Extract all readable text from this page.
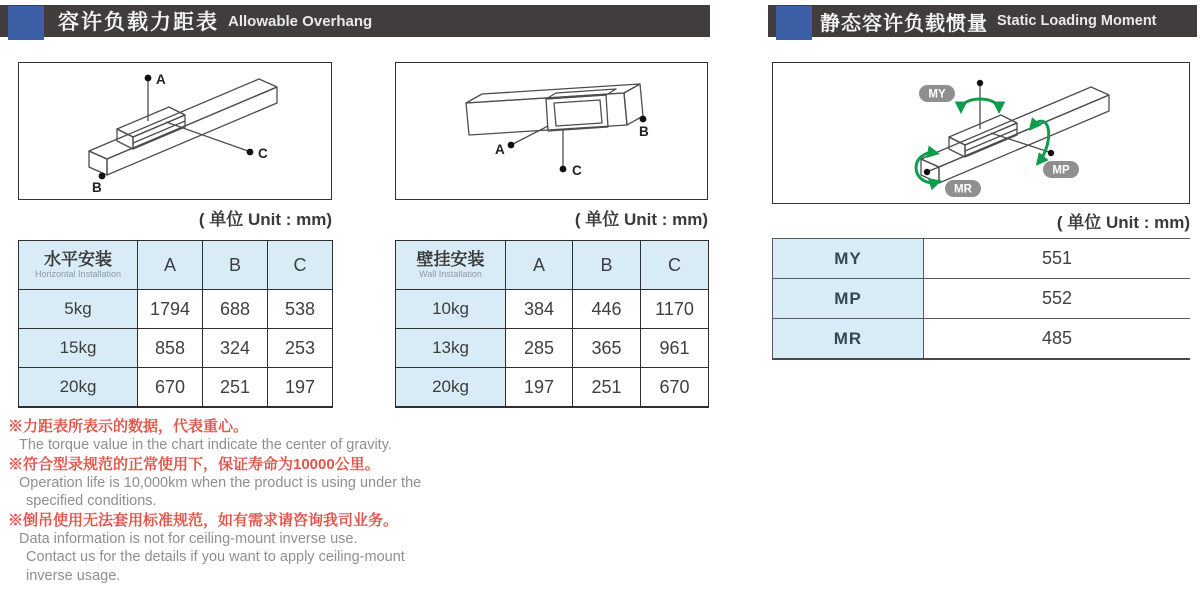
容许负载力距表 Allowable Overhang	静态容许负载惯量 Static Loading Moment
A
C
B
A
B
C
MY
MP
MR
( 单位 Unit : mm)	( 单位 Unit : mm)	( 单位 Unit : mm)
水平安装
Horizontal Installation	A	B	C
5kg	1794	688	538
15kg	858	324	253
20kg	670	251	197
壁挂安装
Wall Installation	A	B	C
10kg	384	446	1170
13kg	285	365	961
20kg	197	251	670
MY	551
MP	552
MR	485
※力距表所表示的数据，代表重心。
The torque value in the chart indicate the center of gravity.
※符合型录规范的正常使用下，保证寿命为10000公里。
Operation life is 10,000km when the product is using under the
specified conditions.
※倒吊使用无法套用标准规范，如有需求请咨询我司业务。
Data information is not for ceiling-mount inverse use.
Contact us for the details if you want to apply ceiling-mount
inverse usage.
